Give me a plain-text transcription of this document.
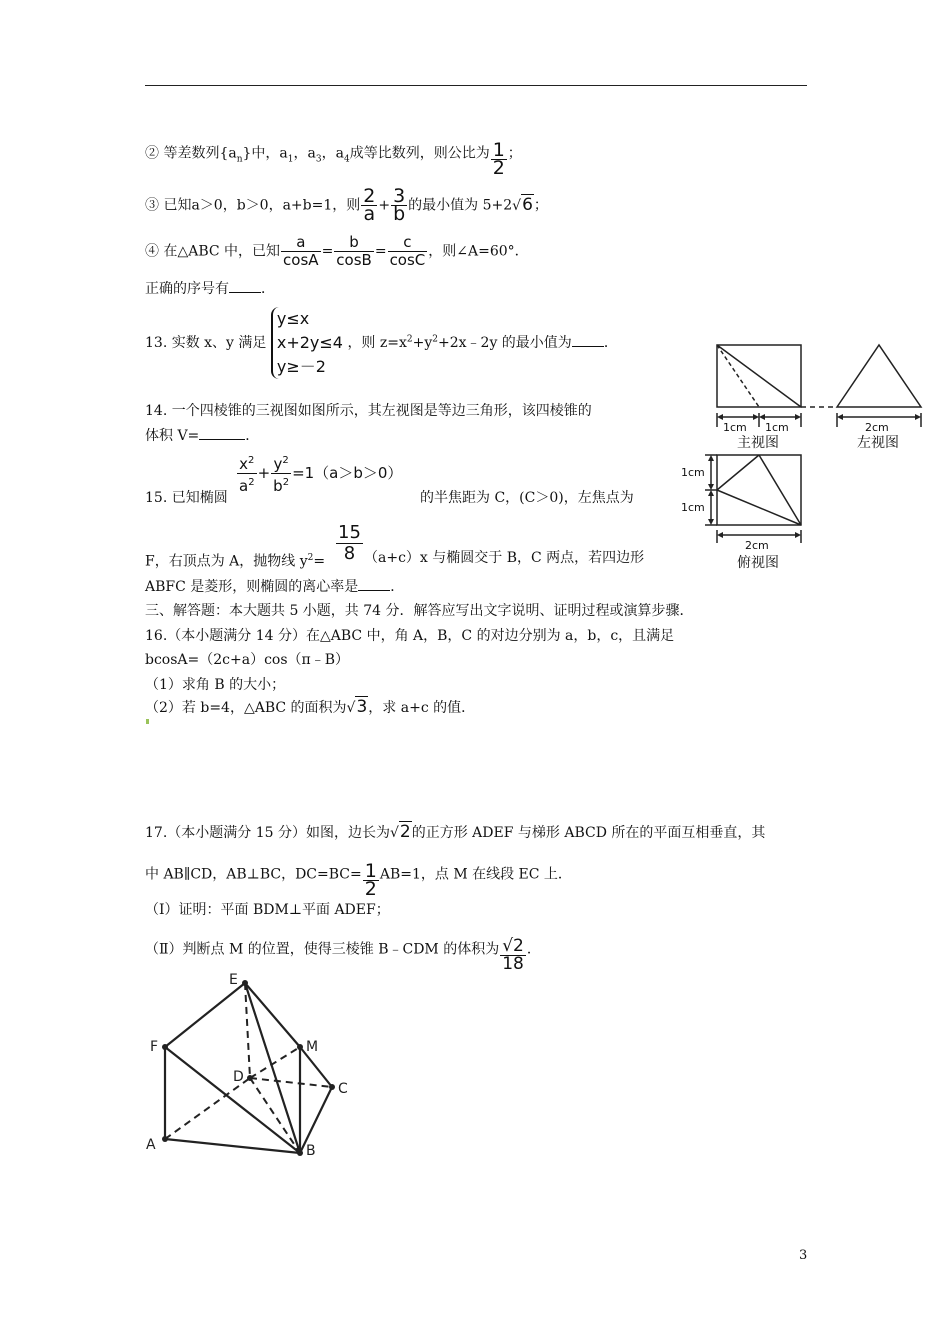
② 等差数列$\{a_n\}$中，$a_1$，$a_3$，$a_4$成等比数列，则公比为 $\frac{1}{2}$ ；
③ 已知a＞0，b＞0，a+b=1，则 $\frac{2}{a} + \frac{3}{b}$ 的最小值为 5+2√6；
④ 在△ABC 中，已知 $\frac{a}{\cos A} = \frac{b}{\cos B} = \frac{c}{\cos C}$ ，则∠A=60°．
正确的序号有 ．
13. 实数 x、y 满足
y≤x
x+2y≤4
y≥－2
，则 $z=x^2+y^2+2x﹣2y$ 的最小值为 ．
14. 一个四棱锥的三视图如图所示，其左视图是等边三角形，该四棱锥的
体积 V=	．
$\frac{x^2}{a^2} + \frac{y^2}{b^2} =1(a>b>0)$
15. 已知椭圆	的半焦距为 C，(C＞0)，左焦点为
$\frac{15}{8}$
F，右顶点为 A，抛物线 $y^2=$	（a+c）x 与椭圆交于 B，C 两点，若四边形
ABFC 是菱形，则椭圆的离心率是 ．
三、解答题：本大题共 5 小题，共 74 分．解答应写出文字说明、证明过程或演算步骤．
16.（本小题满分 14 分）在△ABC 中，角 A，B，C 的对边分别为 a，b，c，且满足
bcosA=（2c+a）cos（π﹣B）
（1）求角 B 的大小；
（2）若 b=4，△ABC 的面积为√3，求 a+c 的值．
17.（本小题满分 15 分）如图，边长为√2的正方形 ADEF 与梯形 ABCD 所在的平面互相垂直，其
中 AB∥CD，AB⊥BC，$DC=BC= \frac{1}{2} AB=1$，点 M 在线段 EC 上．
（Ⅰ）证明：平面 BDM⊥平面 ADEF；
（Ⅱ）判断点 M 的位置，使得三棱锥 B﹣CDM 的体积为 $\frac{√2}{18}$ ．
1cm 1cm	2cm
1cm
1cm
2cm
主视图	左视图
俯视图
E
F	M
D
C
A	B
3
